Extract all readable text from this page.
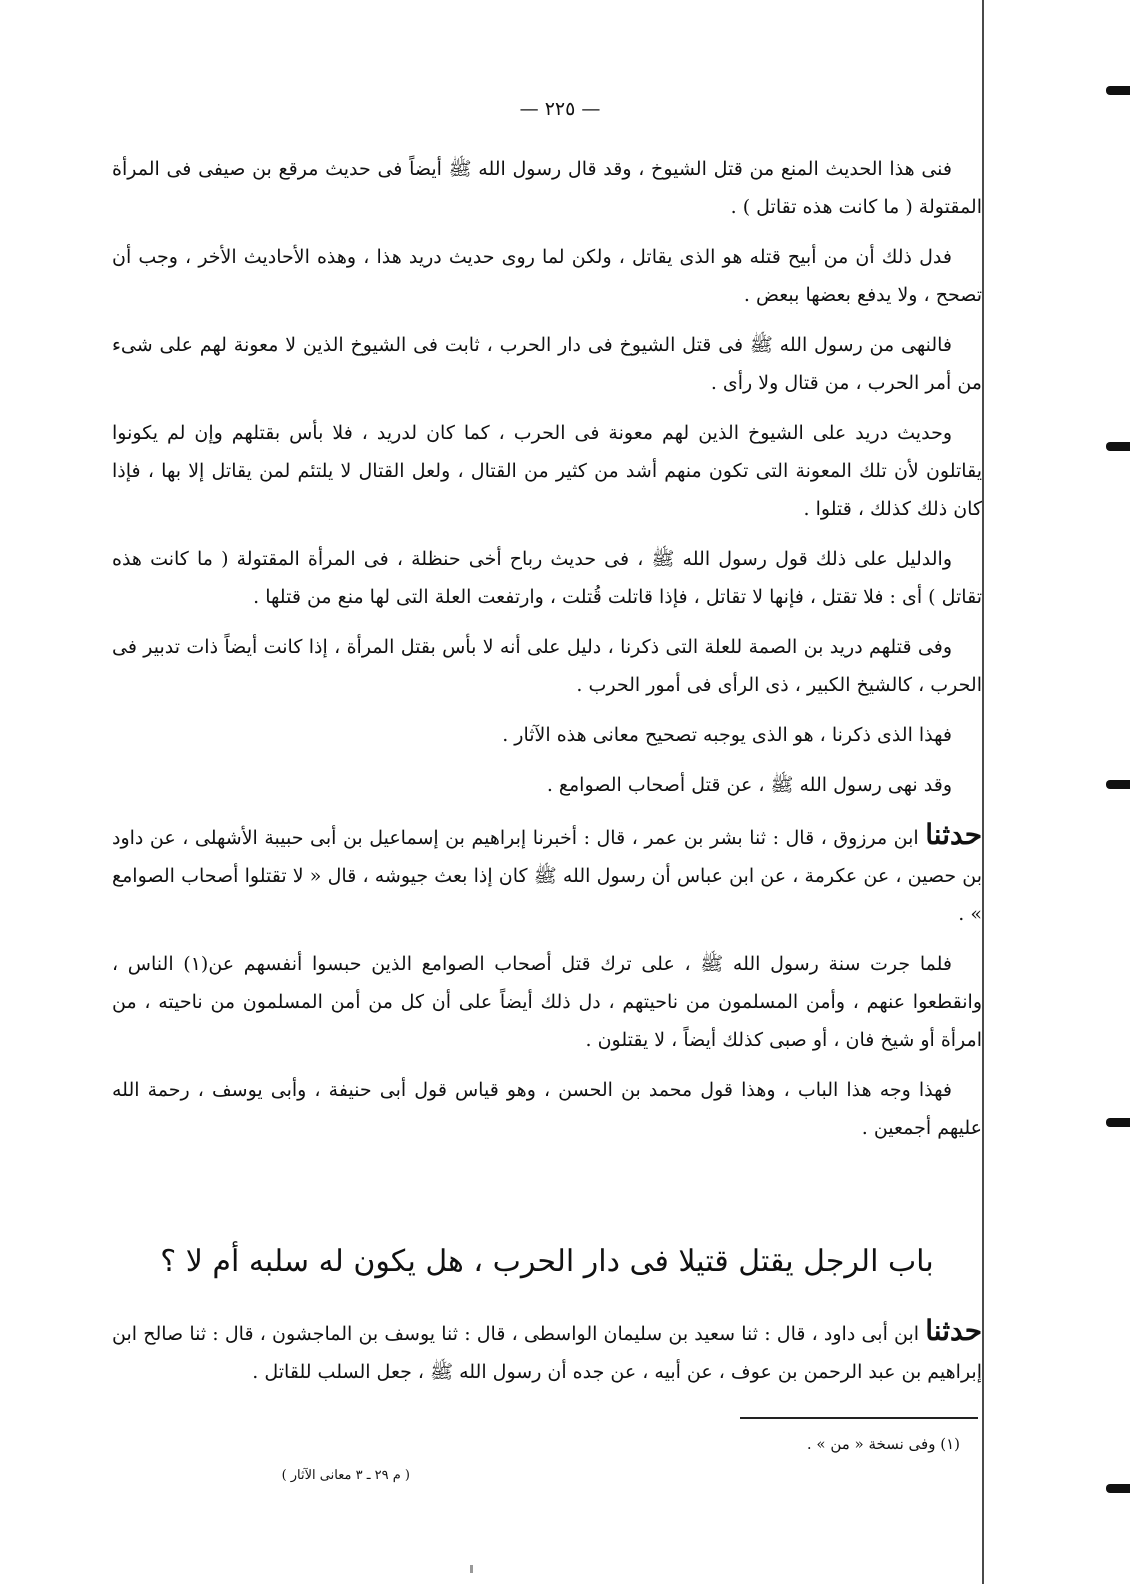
— ٢٢٥ —

فنى هذا الحديث المنع من قتل الشيوخ ، وقد قال رسول الله ﷺ أيضاً فى حديث مرقع بن صيفى فى المرأة المقتولة ( ما كانت هذه تقاتل ) .

فدل ذلك أن من أبيح قتله هو الذى يقاتل ، ولكن لما روى حديث دريد هذا ، وهذه الأحاديث الأخر ، وجب أن تصحح ، ولا يدفع بعضها ببعض .

فالنهى من رسول الله ﷺ فى قتل الشيوخ فى دار الحرب ، ثابت فى الشيوخ الذين لا معونة لهم على شىء من أمر الحرب ، من قتال ولا رأى .

وحديث دريد على الشيوخ الذين لهم معونة فى الحرب ، كما كان لدريد ، فلا بأس بقتلهم وإن لم يكونوا يقاتلون لأن تلك المعونة التى تكون منهم أشد من كثير من القتال ، ولعل القتال لا يلتئم لمن يقاتل إلا بها ، فإذا كان ذلك كذلك ، قتلوا .

والدليل على ذلك قول رسول الله ﷺ ، فى حديث رباح أخى حنظلة ، فى المرأة المقتولة ( ما كانت هذه تقاتل ) أى : فلا تقتل ، فإنها لا تقاتل ، فإذا قاتلت قُتلت ، وارتفعت العلة التى لها منع من قتلها .

وفى قتلهم دريد بن الصمة للعلة التى ذكرنا ، دليل على أنه لا بأس بقتل المرأة ، إذا كانت أيضاً ذات تدبير فى الحرب ، كالشيخ الكبير ، ذى الرأى فى أمور الحرب .

فهذا الذى ذكرنا ، هو الذى يوجبه تصحيح معانى هذه الآثار .

وقد نهى رسول الله ﷺ ، عن قتل أصحاب الصوامع .

حدثنا ابن مرزوق ، قال : ثنا بشر بن عمر ، قال : أخبرنا إبراهيم بن إسماعيل بن أبى حبيبة الأشهلى ، عن داود بن حصين ، عن عكرمة ، عن ابن عباس أن رسول الله ﷺ كان إذا بعث جيوشه ، قال « لا تقتلوا أصحاب الصوامع » .

فلما جرت سنة رسول الله ﷺ ، على ترك قتل أصحاب الصوامع الذين حبسوا أنفسهم عن(١) الناس ، وانقطعوا عنهم ، وأمن المسلمون من ناحيتهم ، دل ذلك أيضاً على أن كل من أمن المسلمون من ناحيته ، من امرأة أو شيخ فان ، أو صبى كذلك أيضاً ، لا يقتلون .

فهذا وجه هذا الباب ، وهذا قول محمد بن الحسن ، وهو قياس قول أبى حنيفة ، وأبى يوسف ، رحمة الله عليهم أجمعين .

باب الرجل يقتل قتيلا فى دار الحرب ، هل يكون له سلبه أم لا ؟

حدثنا ابن أبى داود ، قال : ثنا سعيد بن سليمان الواسطى ، قال : ثنا يوسف بن الماجشون ، قال : ثنا صالح ابن إبراهيم بن عبد الرحمن بن عوف ، عن أبيه ، عن جده أن رسول الله ﷺ ، جعل السلب للقاتل .

(١) وفى نسخة « من » .
( م ٢٩ ـ ٣ معانى الآثار )
